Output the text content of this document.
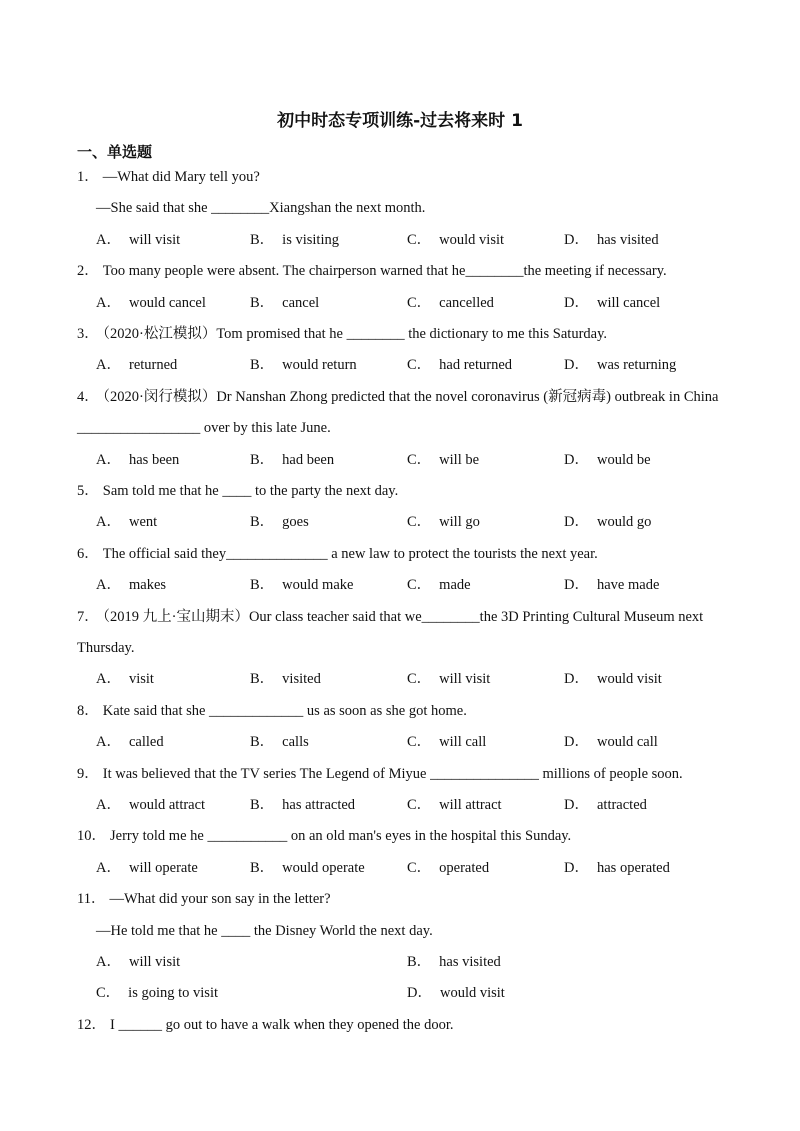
初中时态专项训练-过去将来时 1
一、单选题
1． —What did Mary tell you?
—She said that she ________Xiangshan the next month.
A． will visit	B． is visiting	C． would visit	D． has visited
2． Too many people were absent. The chairperson warned that he________the meeting if necessary.
A． would cancel	B． cancel	C． cancelled	D． will cancel
3． （2020·松江模拟）Tom promised that he ________ the dictionary to me this Saturday.
A． returned	B． would return	C． had returned	D． was returning
4． （2020·闵行模拟）Dr Nanshan Zhong predicted that the novel coronavirus (新冠病毒) outbreak in China
_________________ over by this late June.
A． has been	B． had been	C． will be	D． would be
5． Sam told me that he ____ to the party the next day.
A． went	B． goes	C． will go	D． would go
6． The official said they______________ a new law to protect the tourists the next year.
A． makes	B． would make	C． made	D． have made
7． （2019 九上·宝山期末）Our class teacher said that we________the 3D Printing Cultural Museum next
Thursday.
A． visit	B． visited	C． will visit	D． would visit
8． Kate said that she _____________ us as soon as she got home.
A． called	B． calls	C． will call	D． would call
9． It was believed that the TV series The Legend of Miyue _______________ millions of people soon.
A． would attract	B． has attracted	C． will attract	D． attracted
10． Jerry told me he ___________ on an old man's eyes in the hospital this Sunday.
A． will operate	B． would operate	C． operated	D． has operated
11． —What did your son say in the letter?
—He told me that he ____ the Disney World the next day.
A． will visit	B． has visited
C． is going to visit	D． would visit
12． I ______ go out to have a walk when they opened the door.
